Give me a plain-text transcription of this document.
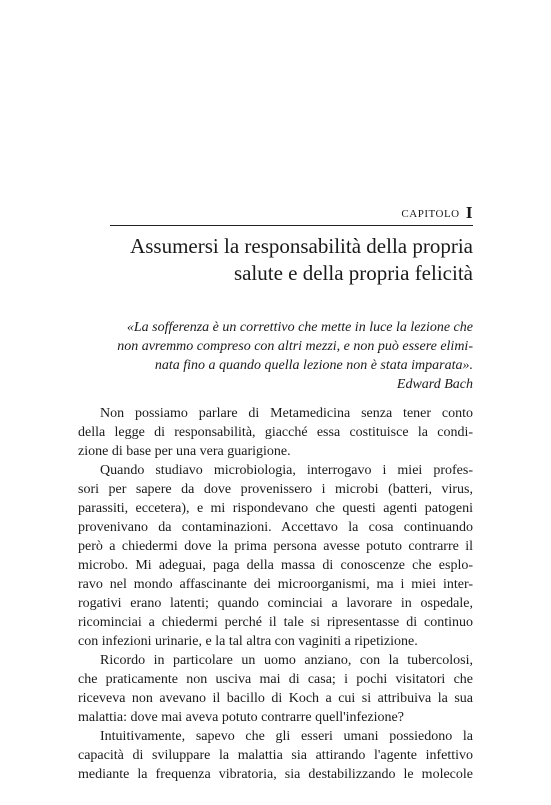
CAPITOLO I
Assumersi la responsabilità della propria
salute e della propria felicità
«La sofferenza è un correttivo che mette in luce la lezione che
non avremmo compreso con altri mezzi, e non può essere elimi-
nata fino a quando quella lezione non è stata imparata».
Edward Bach
Non possiamo parlare di Metamedicina senza tener conto
della legge di responsabilità, giacché essa costituisce la condi-
zione di base per una vera guarigione.
Quando studiavo microbiologia, interrogavo i miei profes-
sori per sapere da dove provenissero i microbi (batteri, virus,
parassiti, eccetera), e mi rispondevano che questi agenti patogeni
provenivano da contaminazioni. Accettavo la cosa continuando
però a chiedermi dove la prima persona avesse potuto contrarre il
microbo. Mi adeguai, paga della massa di conoscenze che esplo-
ravo nel mondo affascinante dei microorganismi, ma i miei inter-
rogativi erano latenti; quando cominciai a lavorare in ospedale,
ricominciai a chiedermi perché il tale si ripresentasse di continuo
con infezioni urinarie, e la tal altra con vaginiti a ripetizione.
Ricordo in particolare un uomo anziano, con la tubercolosi,
che praticamente non usciva mai di casa; i pochi visitatori che
riceveva non avevano il bacillo di Koch a cui si attribuiva la sua
malattia: dove mai aveva potuto contrarre quell'infezione?
Intuitivamente, sapevo che gli esseri umani possiedono la
capacità di sviluppare la malattia sia attirando l'agente infettivo
mediante la frequenza vibratoria, sia destabilizzando le molecole
